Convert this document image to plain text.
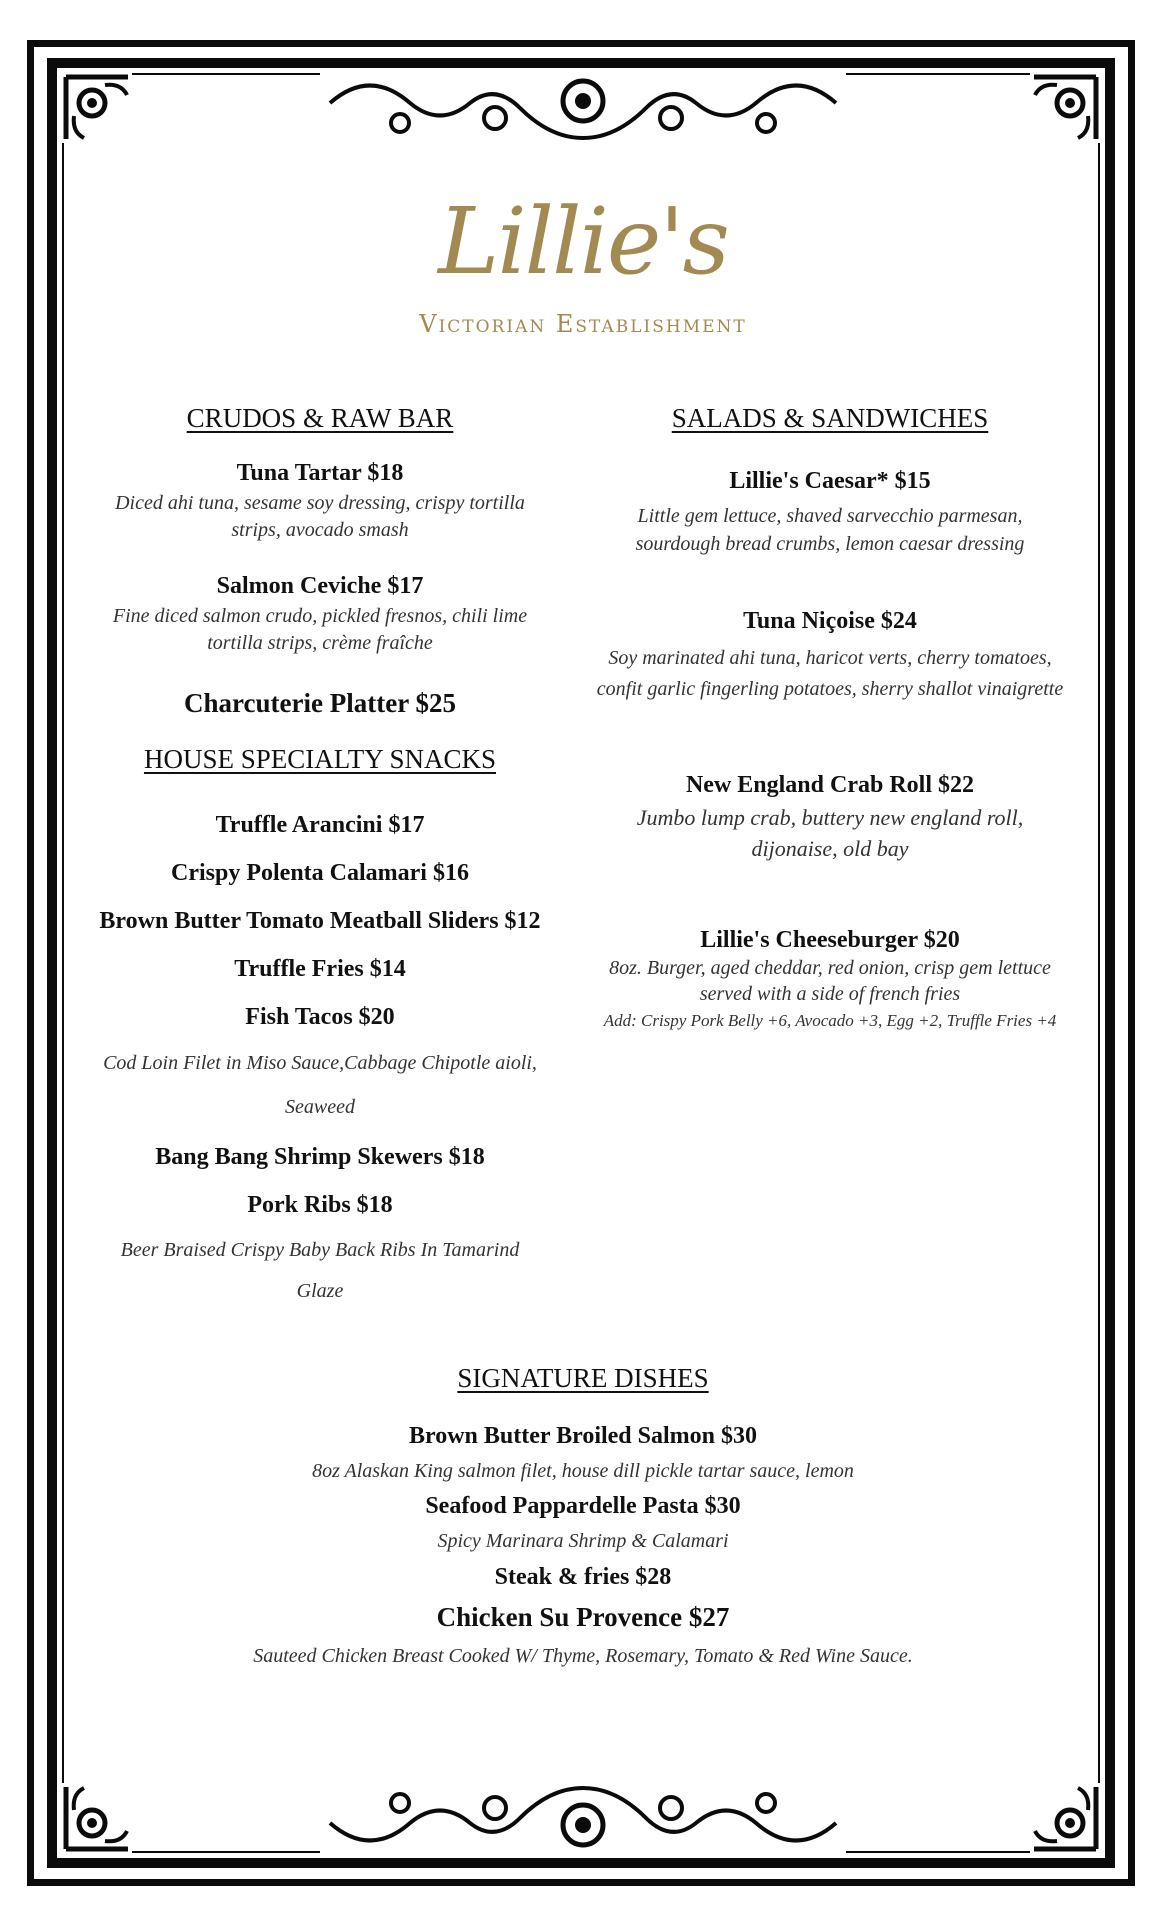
Lillie's
Victorian Establishment
CRUDOS & RAW BAR
Tuna Tartar $18
Diced ahi tuna, sesame soy dressing, crispy tortilla
strips, avocado smash
Salmon Ceviche $17
Fine diced salmon crudo, pickled fresnos, chili lime
tortilla strips, crème fraîche
Charcuterie Platter $25
HOUSE SPECIALTY SNACKS
Truffle Arancini $17
Crispy Polenta Calamari $16
Brown Butter Tomato Meatball Sliders $12
Truffle Fries $14
Fish Tacos $20
Cod Loin Filet in Miso Sauce,Cabbage Chipotle aioli,
Seaweed
Bang Bang Shrimp Skewers $18
Pork Ribs $18
Beer Braised Crispy Baby Back Ribs In Tamarind
Glaze
SALADS & SANDWICHES
Lillie's Caesar* $15
Little gem lettuce, shaved sarvecchio parmesan,
sourdough bread crumbs, lemon caesar dressing
Tuna Niçoise $24
Soy marinated ahi tuna, haricot verts, cherry tomatoes,
confit garlic fingerling potatoes, sherry shallot vinaigrette
New England Crab Roll $22
Jumbo lump crab, buttery new england roll,
dijonaise, old bay
Lillie's Cheeseburger $20
8oz. Burger, aged cheddar, red onion, crisp gem lettuce
served with a side of french fries
Add: Crispy Pork Belly +6, Avocado +3, Egg +2, Truffle Fries +4
SIGNATURE DISHES
Brown Butter Broiled Salmon $30
8oz Alaskan King salmon filet, house dill pickle tartar sauce, lemon
Seafood Pappardelle Pasta $30
Spicy Marinara Shrimp & Calamari
Steak & fries $28
Chicken Su Provence $27
Sauteed Chicken Breast Cooked W/ Thyme, Rosemary, Tomato & Red Wine Sauce.
